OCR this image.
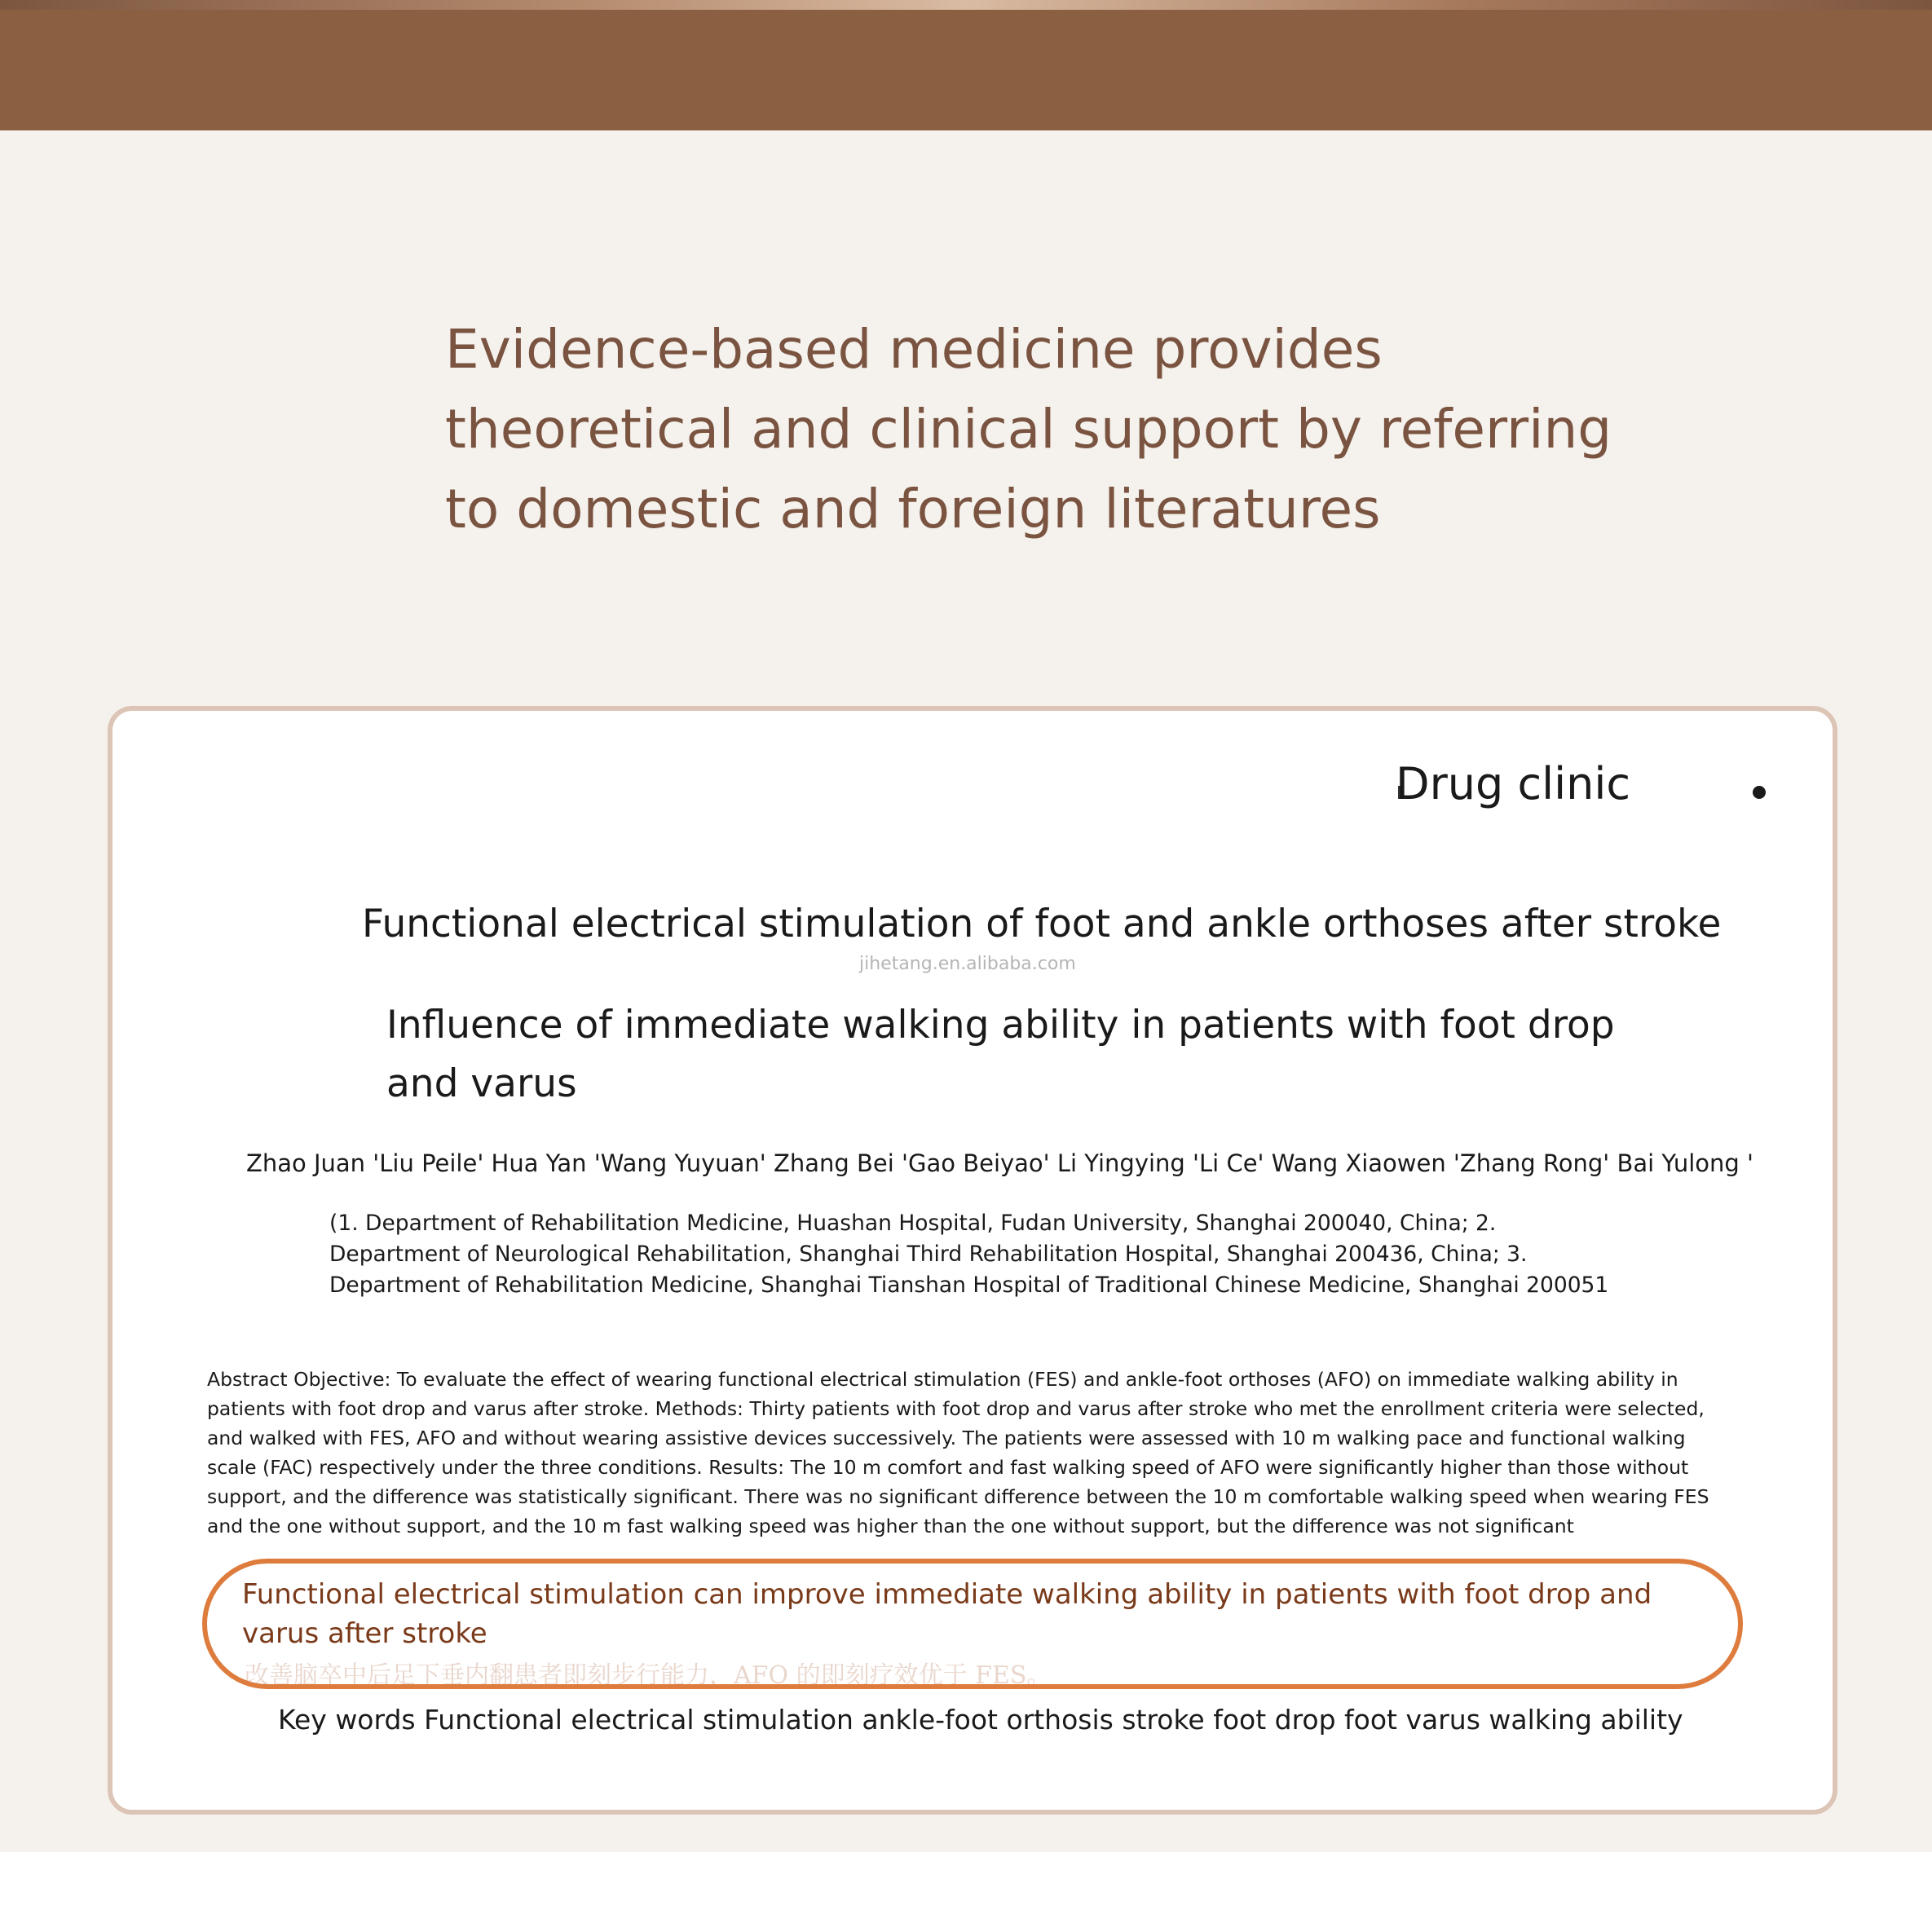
Evidence-based medicine provides
theoretical and clinical support by referring
to domestic and foreign literatures
Drug clinic
Functional electrical stimulation of foot and ankle orthoses after stroke
jihetang.en.alibaba.com
Influence of immediate walking ability in patients with foot drop and varus
Zhao Juan 'Liu Peile' Hua Yan 'Wang Yuyuan' Zhang Bei 'Gao Beiyao' Li Yingying 'Li Ce' Wang Xiaowen 'Zhang Rong' Bai Yulong '
(1. Department of Rehabilitation Medicine, Huashan Hospital, Fudan University, Shanghai 200040, China; 2. Department of Neurological Rehabilitation, Shanghai Third Rehabilitation Hospital, Shanghai 200436, China; 3. Department of Rehabilitation Medicine, Shanghai Tianshan Hospital of Traditional Chinese Medicine, Shanghai 200051
Abstract Objective: To evaluate the effect of wearing functional electrical stimulation (FES) and ankle-foot orthoses (AFO) on immediate walking ability in patients with foot drop and varus after stroke. Methods: Thirty patients with foot drop and varus after stroke who met the enrollment criteria were selected, and walked with FES, AFO and without wearing assistive devices successively. The patients were assessed with 10 m walking pace and functional walking scale (FAC) respectively under the three conditions. Results: The 10 m comfort and fast walking speed of AFO were significantly higher than those without support, and the difference was statistically significant. There was no significant difference between the 10 m comfortable walking speed when wearing FES and the one without support, and the 10 m fast walking speed was higher than the one without support, but the difference was not significant
改善脑卒中后足下垂内翻患者即刻步行能力，AFO 的即刻疗效优于 FES。
Functional electrical stimulation can improve immediate walking ability in patients with foot drop and varus after stroke
Key words Functional electrical stimulation ankle-foot orthosis stroke foot drop foot varus walking ability
